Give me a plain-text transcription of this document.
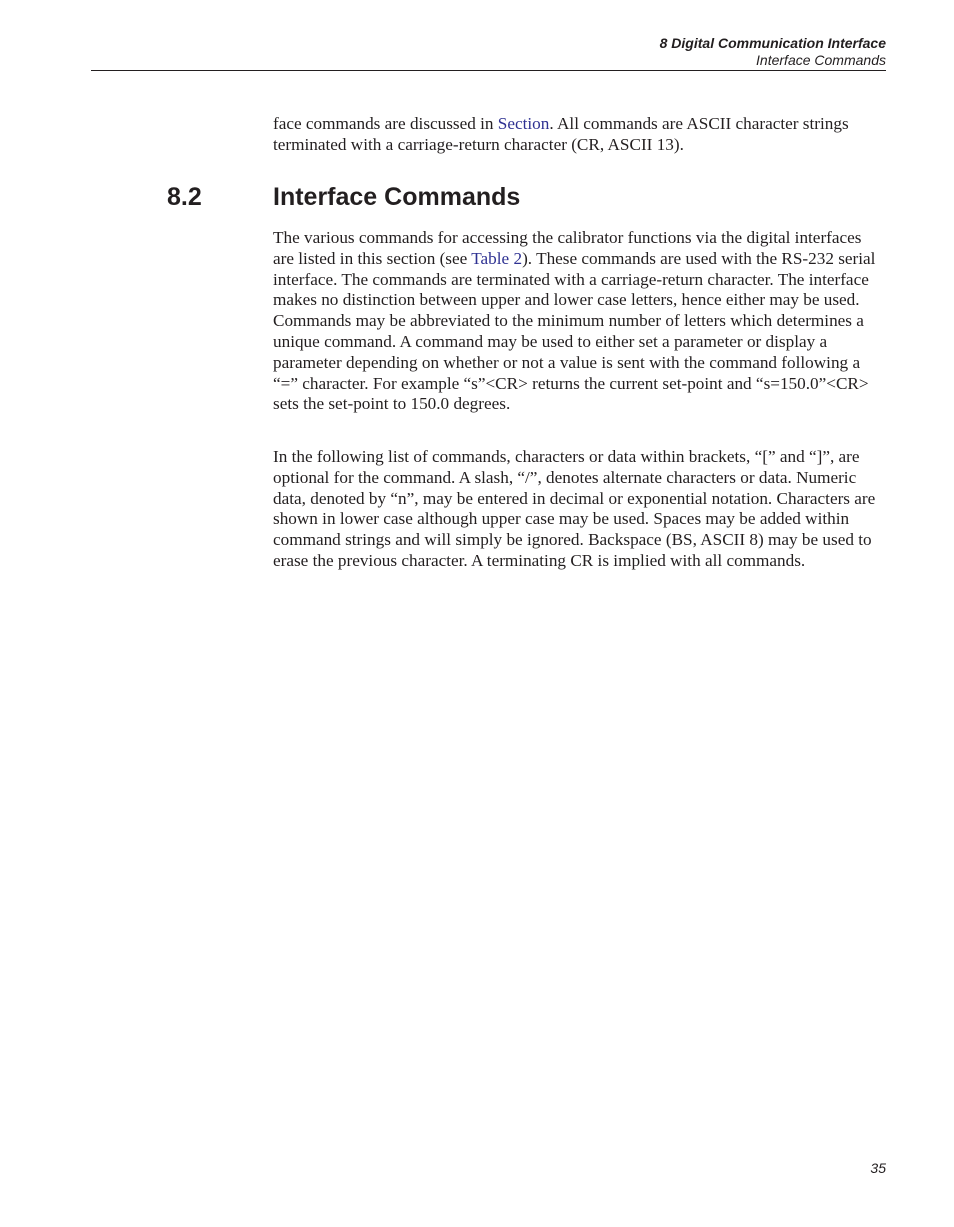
8 Digital Communication Interface
Interface Commands

face commands are discussed in Section. All commands are ASCII character strings terminated with a carriage-return character (CR, ASCII 13).

8.2	Interface Commands

The various commands for accessing the calibrator functions via the digital interfaces are listed in this section (see Table 2). These commands are used with the RS-232 serial interface. The commands are terminated with a carriage-return character. The interface makes no distinction between upper and lower case letters, hence either may be used. Commands may be abbreviated to the minimum number of letters which determines a unique command. A command may be used to either set a parameter or display a parameter depending on whether or not a value is sent with the command following a “=” character. For example “s”<CR> returns the current set-point and “s=150.0”<CR> sets the set-point to 150.0 degrees.

In the following list of commands, characters or data within brackets, “[” and “]”, are optional for the command. A slash, “/”, denotes alternate characters or data. Numeric data, denoted by “n”, may be entered in decimal or exponential notation. Characters are shown in lower case although upper case may be used. Spaces may be added within command strings and will simply be ignored. Backspace (BS, ASCII 8) may be used to erase the previous character. A terminating CR is implied with all commands.

35
